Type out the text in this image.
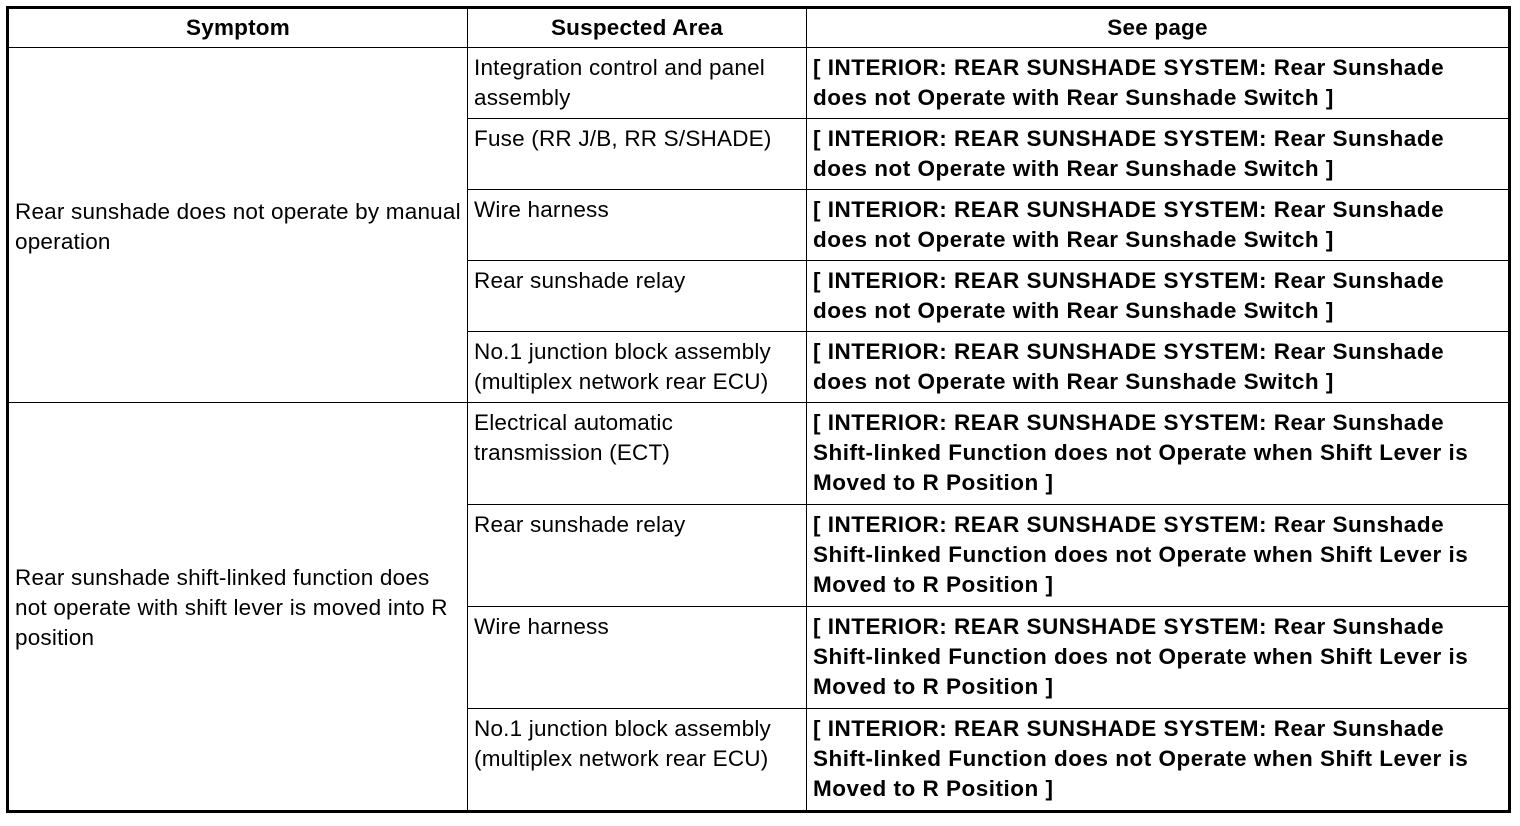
Symptom	Suspected Area	See page
Rear sunshade does not operate by manual operation	Integration control and panel assembly	[ INTERIOR: REAR SUNSHADE SYSTEM: Rear Sunshade does not Operate with Rear Sunshade Switch ]
	Fuse (RR J/B, RR S/SHADE)	[ INTERIOR: REAR SUNSHADE SYSTEM: Rear Sunshade does not Operate with Rear Sunshade Switch ]
	Wire harness	[ INTERIOR: REAR SUNSHADE SYSTEM: Rear Sunshade does not Operate with Rear Sunshade Switch ]
	Rear sunshade relay	[ INTERIOR: REAR SUNSHADE SYSTEM: Rear Sunshade does not Operate with Rear Sunshade Switch ]
	No.1 junction block assembly (multiplex network rear ECU)	[ INTERIOR: REAR SUNSHADE SYSTEM: Rear Sunshade does not Operate with Rear Sunshade Switch ]
Rear sunshade shift-linked function does not operate with shift lever is moved into R position	Electrical automatic transmission (ECT)	[ INTERIOR: REAR SUNSHADE SYSTEM: Rear Sunshade Shift-linked Function does not Operate when Shift Lever is Moved to R Position ]
	Rear sunshade relay	[ INTERIOR: REAR SUNSHADE SYSTEM: Rear Sunshade Shift-linked Function does not Operate when Shift Lever is Moved to R Position ]
	Wire harness	[ INTERIOR: REAR SUNSHADE SYSTEM: Rear Sunshade Shift-linked Function does not Operate when Shift Lever is Moved to R Position ]
	No.1 junction block assembly (multiplex network rear ECU)	[ INTERIOR: REAR SUNSHADE SYSTEM: Rear Sunshade Shift-linked Function does not Operate when Shift Lever is Moved to R Position ]
